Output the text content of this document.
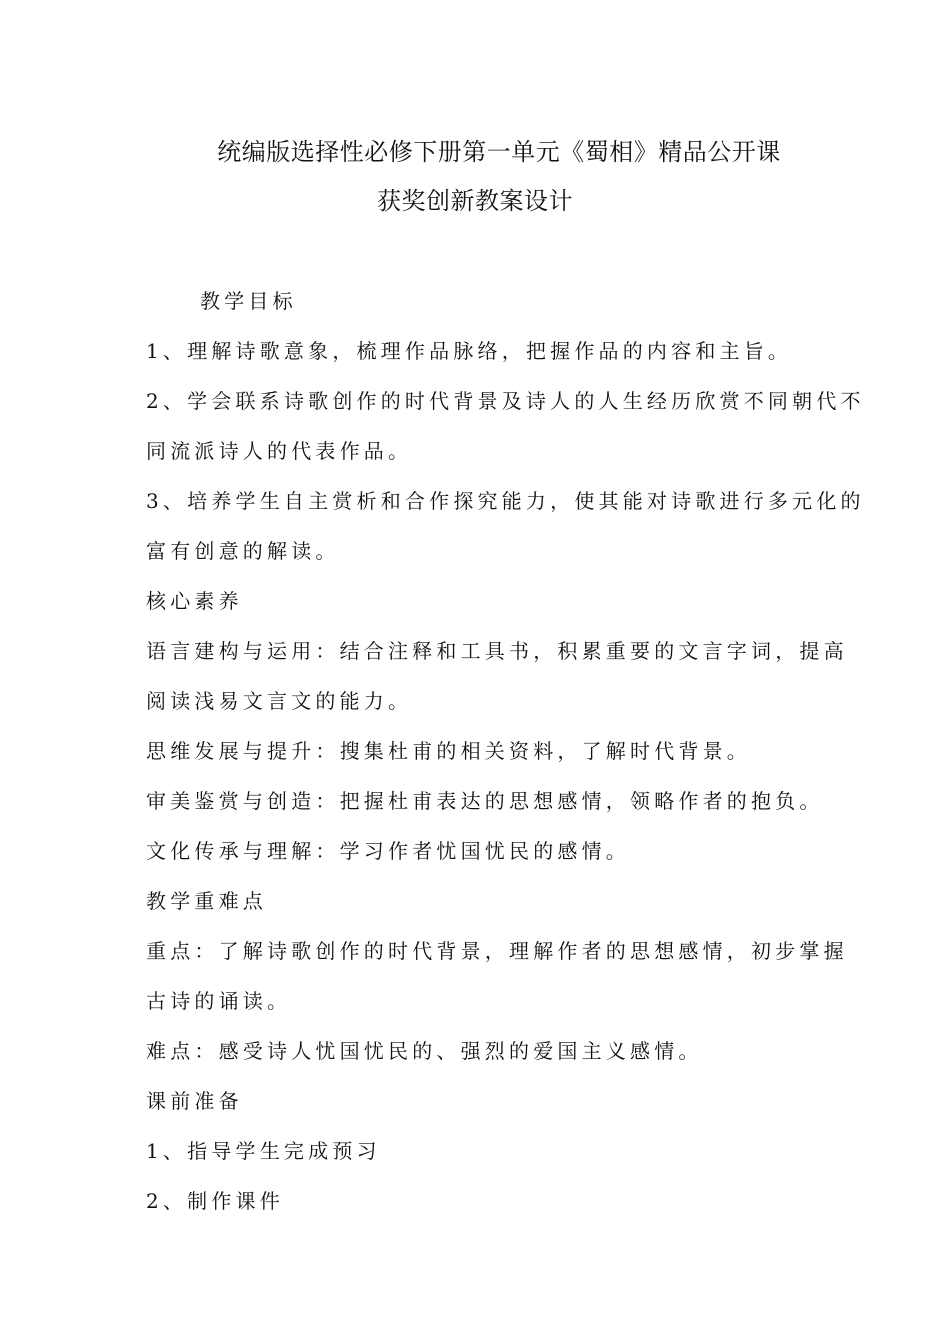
统编版选择性必修下册第一单元《蜀相》精品公开课
获奖创新教案设计
教学目标
1、理解诗歌意象，梳理作品脉络，把握作品的内容和主旨。
2、学会联系诗歌创作的时代背景及诗人的人生经历欣赏不同朝代不
同流派诗人的代表作品。
3、培养学生自主赏析和合作探究能力，使其能对诗歌进行多元化的
富有创意的解读。
核心素养
语言建构与运用：结合注释和工具书，积累重要的文言字词，提高
阅读浅易文言文的能力。
思维发展与提升：搜集杜甫的相关资料，了解时代背景。
审美鉴赏与创造：把握杜甫表达的思想感情，领略作者的抱负。
文化传承与理解：学习作者忧国忧民的感情。
教学重难点
重点：了解诗歌创作的时代背景，理解作者的思想感情，初步掌握
古诗的诵读。
难点：感受诗人忧国忧民的、强烈的爱国主义感情。
课前准备
1、指导学生完成预习
2、制作课件
